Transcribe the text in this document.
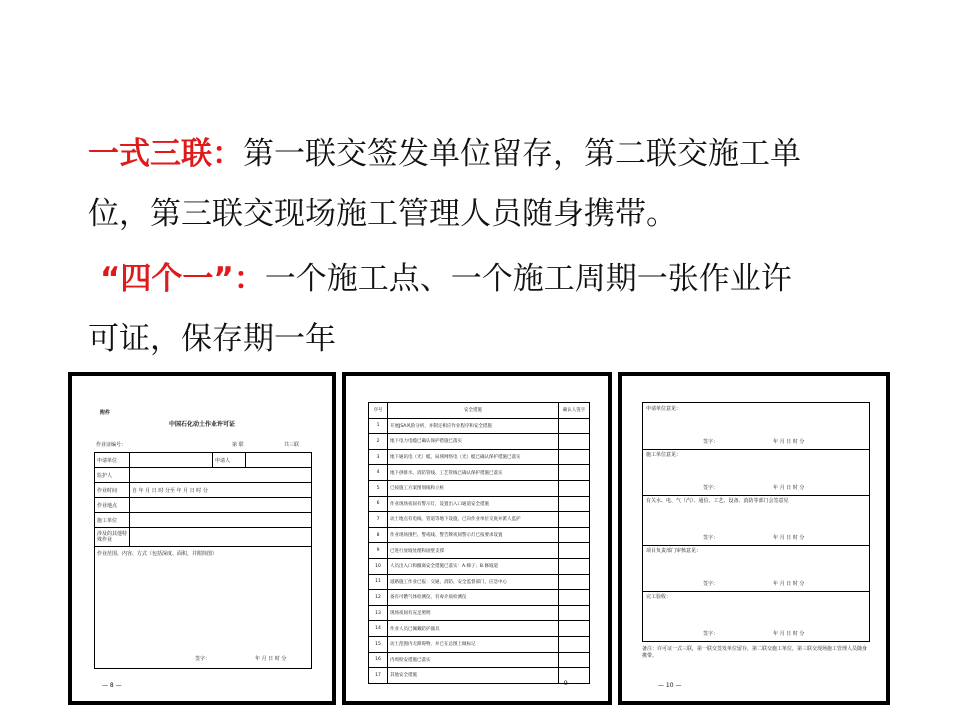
一式三联：第一联交签发单位留存，第二联交施工单
位，第三联交现场施工管理人员随身携带。
“四个一”：一个施工点、一个施工周期一张作业许
可证，保存期一年
附件
中国石化动土作业许可证
作业证编号：	第 联	共三联
申请单位		申请人	
监护人			
作业时间	自 年 月 日 时 分至 年 月 日 时 分		
作业地点			
施工单位			
涉及的其他特殊作业			
作业范围、内容、方式（包括深度、面积，并附简图）
签字： 年 月 日 时 分			
— 8 —
序号	安全措施	确认人签字
1	开展JSA风险分析，并制定相应作业程序和安全措施	
2	地下电力电缆已确认保护措施已落实	
3	地下通讯电（光）缆，局域网络电（光）缆已确认保护措施已落实	
4	地下供排水、消防管线、工艺管线已确认保护措施已落实	
5	已按施工方案图划线和立桩	
6	作业现场夜间有警示灯，设置出入口通道安全措施	
7	动土地点有电线、管道等地下设施，已向作业单位交底并派人监护	
8	作业现场围栏、警戒线、警告牌夜间警示灯已按要求设置	
9	已进行放坡处理和固壁支撑	
10	人员出入口和撤离安全措施已落实：A.梯子；B.修坡道	
11	道路施工作业已报：交通、消防、安全监督部门、应急中心	
12	备有可燃气体检测仪、有毒介质检测仪	
13	现场夜间有充足照明	
14	作业人员已佩戴防护器具	
15	动土范围内无障碍物，并已在总图上做标记	
16	内周检安措施已落实	
17	其他安全措施	
— 9 —
申请单位意见：
签字：	年 月 日 时 分
施工单位意见：
签字：	年 月 日 时 分
有关水、电、气（汽）、通信、工艺、设备、消防等部门会签意见
签字：	年 月 日 时 分
项目负责部门审核意见：
签字：	年 月 日 时 分
完工验收：
签字：	年 月 日 时 分
备注：许可证一式三联，第一联交签发单位留存，第二联交施工单位，第三联交现场施工管理人员随身携带。
— 10 —
